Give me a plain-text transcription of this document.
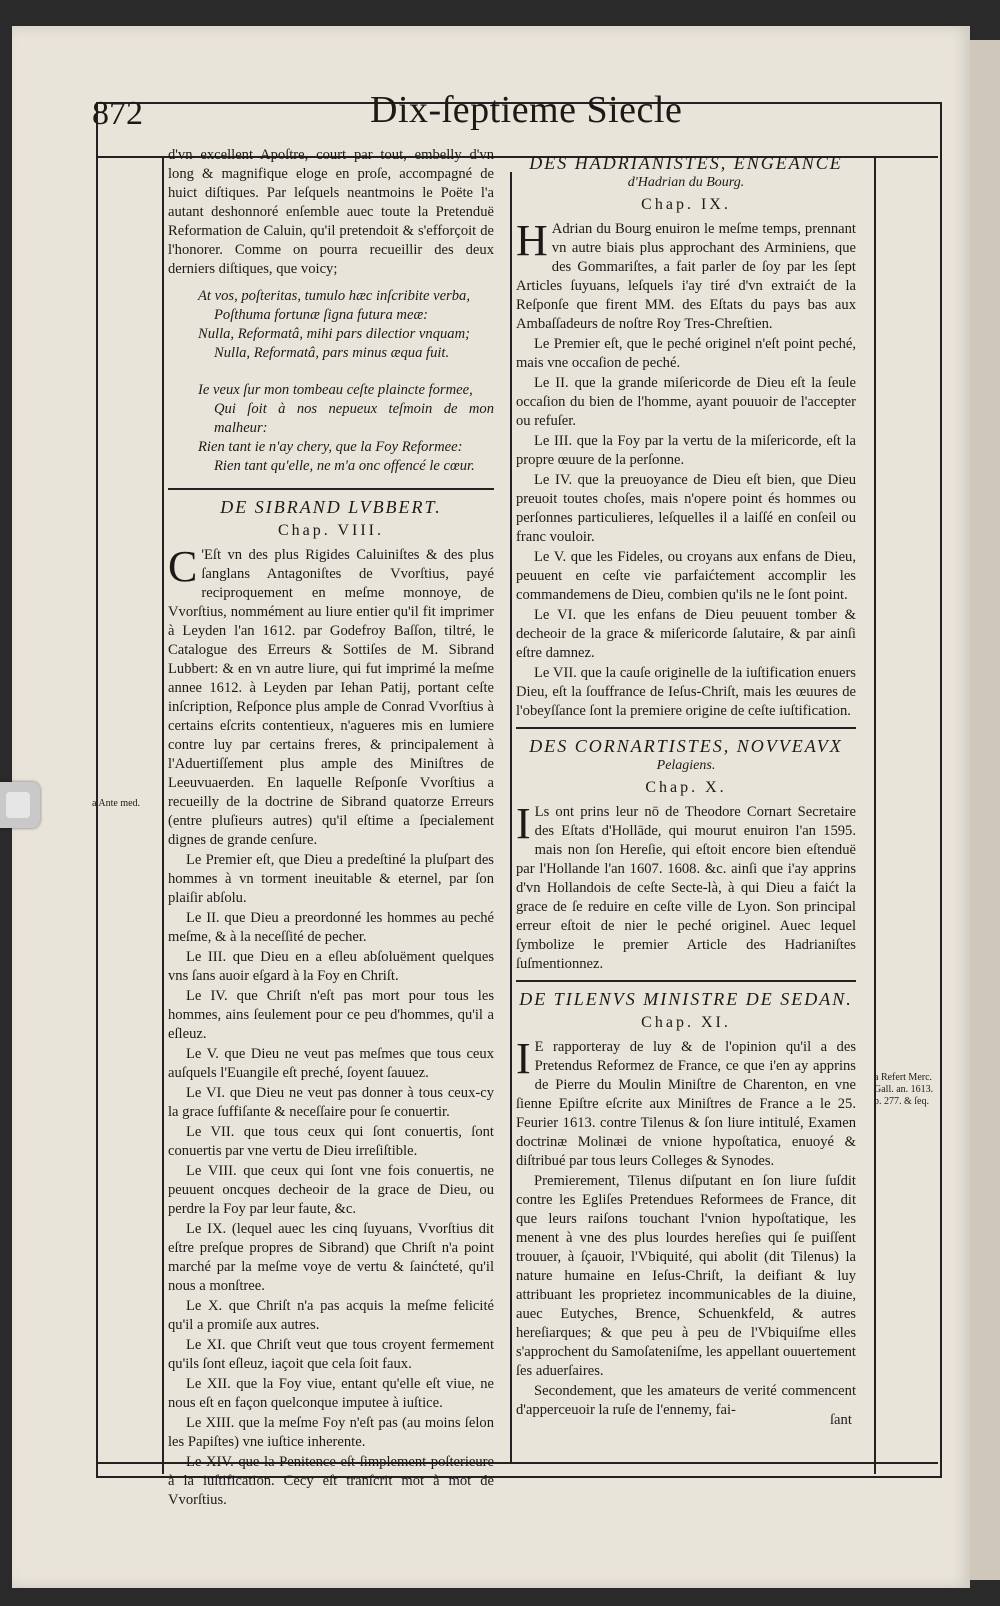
872	Dix-ſeptieme Siecle
a Ante med.
a Refert Merc. Gall. an. 1613. p. 277. & ſeq.

d'vn excellent Apoſtre, court par tout, embelly d'vn long & magnifique eloge en proſe, accompagné de huict diſtiques. Par leſquels neantmoins le Poëte l'a autant deshonnoré enſemble auec toute la Pretenduë Reformation de Caluin, qu'il pretendoit & s'efforçoit de l'honorer. Comme on pourra recueillir des deux derniers diſtiques, que voicy;

At vos, poſteritas, tumulo hæc inſcribite verba,
Poſthuma fortunæ ſigna futura meæ:
Nulla, Reformatâ, mihi pars dilectior vnquam;
Nulla, Reformatâ, pars minus æqua fuit.
Ie veux ſur mon tombeau ceſte plaincte formee,
Qui ſoit à nos nepueux teſmoin de mon malheur:
Rien tant ie n'ay chery, que la Foy Reformee:
Rien tant qu'elle, ne m'a onc offencé le cœur.
DE SIBRAND LVBBERT.
Chap. VIII.

C 'Eſt vn des plus Rigides Caluiniſtes & des plus ſanglans Antagoniſtes de Vvorſtius, payé reciproquement en meſme monnoye, de Vvorſtius, nommément au liure entier qu'il fit imprimer à Leyden l'an 1612. par Godefroy Baſſon, tiltré, le Catalogue des Erreurs & Sottiſes de M. Sibrand Lubbert: & en vn autre liure, qui fut imprimé la meſme annee 1612. à Leyden par Iehan Patij, portant ceſte inſcription, Reſponce plus ample de Conrad Vvorſtius à certains eſcrits contentieux, n'agueres mis en lumiere contre luy par certains freres, & principalement à l'Aduertiſſement plus ample des Miniſtres de Leeuvuaerden. En laquelle Reſponſe Vvorſtius a recueilly de la doctrine de Sibrand quatorze Erreurs (entre pluſieurs autres) qu'il eſtime a ſpecialement dignes de grande cenſure.

Le Premier eſt, que Dieu a predeſtiné la pluſpart des hommes à vn torment ineuitable & eternel, par ſon plaiſir abſolu.

Le II. que Dieu a preordonné les hommes au peché meſme, & à la neceſſité de pecher.

Le III. que Dieu en a eſleu abſoluëment quelques vns ſans auoir eſgard à la Foy en Chriſt.

Le IV. que Chriſt n'eſt pas mort pour tous les hommes, ains ſeulement pour ce peu d'hommes, qu'il a eſleuz.

Le V. que Dieu ne veut pas meſmes que tous ceux auſquels l'Euangile eſt preché, ſoyent ſauuez.

Le VI. que Dieu ne veut pas donner à tous ceux-cy la grace ſuffiſante & neceſſaire pour ſe conuertir.

Le VII. que tous ceux qui ſont conuertis, ſont conuertis par vne vertu de Dieu irreſiſtible.

Le VIII. que ceux qui ſont vne fois conuertis, ne peuuent oncques decheoir de la grace de Dieu, ou perdre la Foy par leur faute, &c.

Le IX. (lequel auec les cinq ſuyuans, Vvorſtius dit eſtre preſque propres de Sibrand) que Chriſt n'a point marché par la meſme voye de vertu & ſainćteté, qu'il nous a monſtree.

Le X. que Chriſt n'a pas acquis la meſme felicité qu'il a promiſe aux autres.

Le XI. que Chriſt veut que tous croyent fermement qu'ils ſont eſleuz, iaçoit que cela ſoit faux.

Le XII. que la Foy viue, entant qu'elle eſt viue, ne nous eſt en façon quelconque imputee à iuſtice.

Le XIII. que la meſme Foy n'eſt pas (au moins ſelon les Papiſtes) vne iuſtice inherente.

Le XIV. que la Penitence eſt ſimplement poſterieure à la iuſtification. Cecy eſt tranſcrit mot à mot de Vvorſtius.

DES HADRIANISTES, ENGEANCE
d'Hadrian du Bourg.
Chap. IX.

H Adrian du Bourg enuiron le meſme temps, prennant vn autre biais plus approchant des Arminiens, que des Gommariſtes, a fait parler de ſoy par les ſept Articles ſuyuans, leſquels i'ay tiré d'vn extraićt de la Reſponſe que firent MM. des Eſtats du pays bas aux Ambaſſadeurs de noſtre Roy Tres-Chreſtien.

Le Premier eſt, que le peché originel n'eſt point peché, mais vne occaſion de peché.

Le II. que la grande miſericorde de Dieu eſt la ſeule occaſion du bien de l'homme, ayant pouuoir de l'accepter ou refuſer.

Le III. que la Foy par la vertu de la miſericorde, eſt la propre œuure de la perſonne.

Le IV. que la preuoyance de Dieu eſt bien, que Dieu preuoit toutes choſes, mais n'opere point és hommes ou perſonnes particulieres, leſquelles il a laiſſé en conſeil ou franc vouloir.

Le V. que les Fideles, ou croyans aux enfans de Dieu, peuuent en ceſte vie parfaićtement accomplir les commandemens de Dieu, combien qu'ils ne le ſont point.

Le VI. que les enfans de Dieu peuuent tomber & decheoir de la grace & miſericorde ſalutaire, & par ainſi eſtre damnez.

Le VII. que la cauſe originelle de la iuſtification enuers Dieu, eſt la ſouffrance de Ieſus-Chriſt, mais les œuures de l'obeyſſance ſont la premiere origine de ceſte iuſtification.

DES CORNARTISTES, NOVVEAVX
Pelagiens.
Chap. X.

I Ls ont prins leur nō de Theodore Cornart Secretaire des Eſtats d'Hollāde, qui mourut enuiron l'an 1595. mais non ſon Hereſie, qui eſtoit encore bien eſtenduë par l'Hollande l'an 1607. 1608. &c. ainſi que i'ay apprins d'vn Hollandois de ceſte Secte-là, à qui Dieu a faićt la grace de ſe reduire en ceſte ville de Lyon. Son principal erreur eſtoit de nier le peché originel. Auec lequel ſymbolize le premier Article des Hadrianiſtes ſuſmentionnez.

DE TILENVS MINISTRE DE SEDAN.
Chap. XI.

I E rapporteray de luy & de l'opinion qu'il a des Pretendus Reformez de France, ce que i'en ay apprins de Pierre du Moulin Miniſtre de Charenton, en vne ſienne Epiſtre eſcrite aux Miniſtres de France a le 25. Feurier 1613. contre Tilenus & ſon liure intitulé, Examen doctrinæ Molinæi de vnione hypoſtatica, enuoyé & diſtribué par tous leurs Colleges & Synodes.

Premierement, Tilenus diſputant en ſon liure ſuſdit contre les Egliſes Pretendues Reformees de France, dit que leurs raiſons touchant l'vnion hypoſtatique, les menent à vne des plus lourdes hereſies qui ſe puiſſent trouuer, à ſçauoir, l'Vbiquité, qui abolit (dit Tilenus) la nature humaine en Ieſus-Chriſt, la deifiant & luy attribuant les proprietez incommunicables de la diuine, auec Eutyches, Brence, Schuenkfeld, & autres hereſiarques; & que peu à peu de l'Vbiquiſme elles s'approchent du Samoſateniſme, les appellant ouuertement ſes aduerſaires.

Secondement, que les amateurs de verité commencent d'apperceuoir la ruſe de l'ennemy, fai-

ſant
